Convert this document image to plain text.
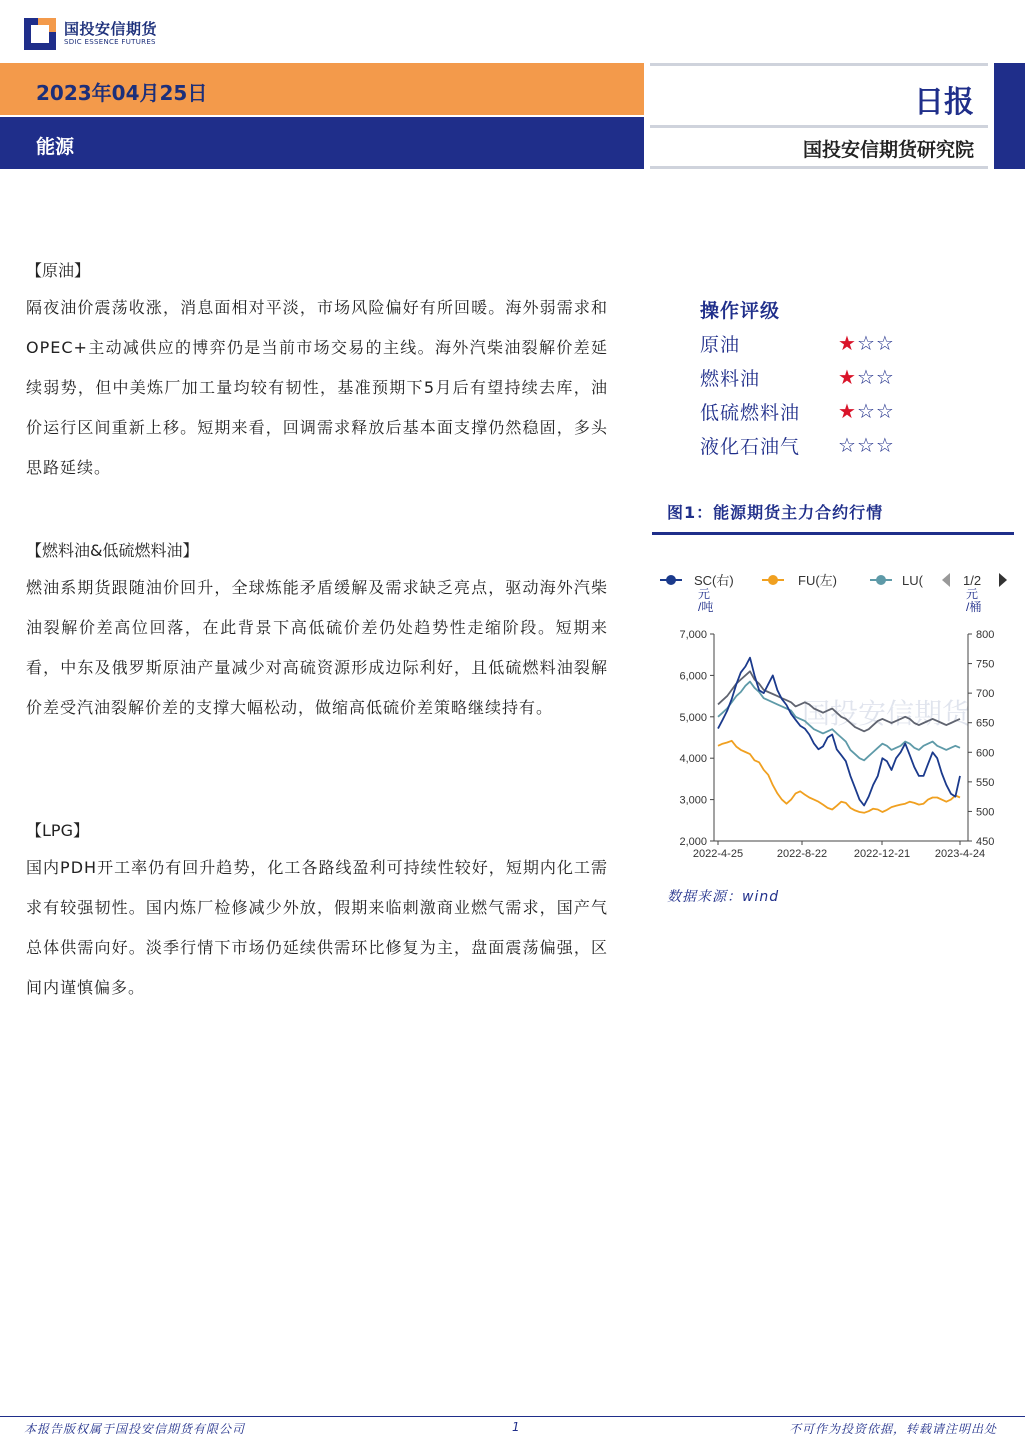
国投安信期货
SDIC ESSENCE FUTURES
2023年04月25日
能源
日报
国投安信期货研究院
【原油】
隔夜油价震荡收涨，消息面相对平淡，市场风险偏好有所回暖。海外弱需求和OPEC+主动减供应的博弈仍是当前市场交易的主线。海外汽柴油裂解价差延续弱势，但中美炼厂加工量均较有韧性，基准预期下5月后有望持续去库，油价运行区间重新上移。短期来看，回调需求释放后基本面支撑仍然稳固，多头思路延续。
【燃料油&低硫燃料油】
燃油系期货跟随油价回升，全球炼能矛盾缓解及需求缺乏亮点，驱动海外汽柴油裂解价差高位回落，在此背景下高低硫价差仍处趋势性走缩阶段。短期来看，中东及俄罗斯原油产量减少对高硫资源形成边际利好，且低硫燃料油裂解价差受汽油裂解价差的支撑大幅松动，做缩高低硫价差策略继续持有。
【LPG】
国内PDH开工率仍有回升趋势，化工各路线盈利可持续性较好，短期内化工需求有较强韧性。国内炼厂检修减少外放，假期来临刺激商业燃气需求，国产气总体供需向好。淡季行情下市场仍延续供需环比修复为主，盘面震荡偏强，区间内谨慎偏多。
操作评级
原油	★☆☆
燃料油	★☆☆
低硫燃料油 ★☆☆
液化石油气 ☆☆☆
图1：能源期货主力合约行情
SC(右)	FU(左)	LU(	1/2
元/吨
元/桶
国投安信期货
2,000
3,000
4,000
5,000
6,000
7,000
450
500
550
600
650
700
750
800
2022-4-25	2022-8-22 2022-12-21 2023-4-24
数据来源：wind
本报告版权属于国投安信期货有限公司	1	不可作为投资依据，转载请注明出处
